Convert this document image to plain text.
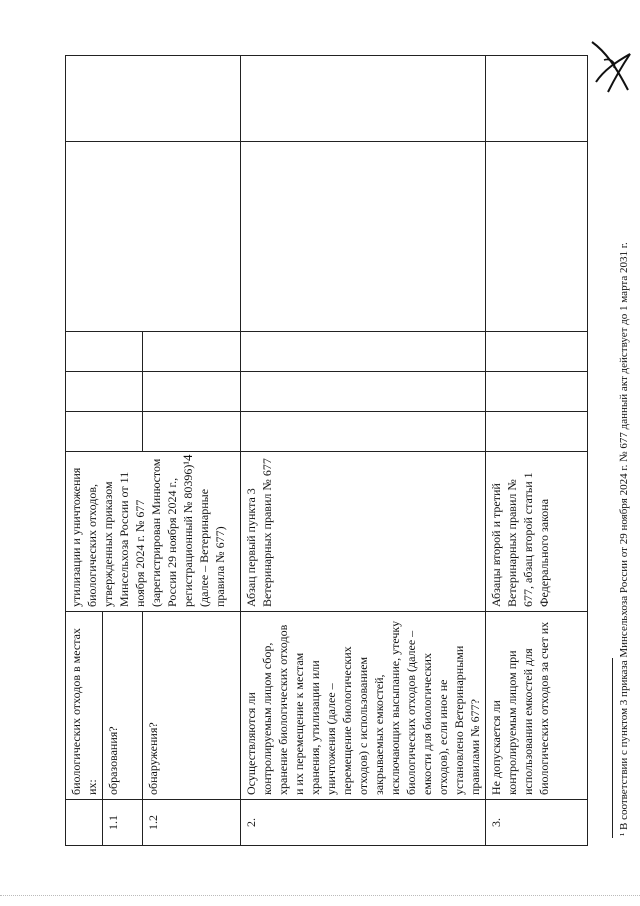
4
	биологических отходов в местах их:	утилизации и уничтожения биологических отходов, утвержденных приказом Минсельхоза России от 11 ноября 2024 г. № 677 (зарегистрирован Минюстом России 29 ноября 2024 г., регистрационный № 80396)¹ (далее – Ветеринарные правила № 677)					

1.1	образования?						
1.2	обнаружения?						
2.	Осуществляются ли контролируемым лицом сбор, хранение биологических отходов и их перемещение к местам хранения, утилизации или уничтожения (далее – перемещение биологических отходов) с использованием закрываемых емкостей, исключающих высыпание, утечку биологических отходов (далее – емкости для биологических отходов), если иное не установлено Ветеринарными правилами № 677?	Абзац первый пункта 3 Ветеринарных правил № 677					
3.	Не допускается ли контролируемым лицом при использовании емкостей для биологических отходов за счет их	Абзацы второй и третий Ветеринарных правил № 677, абзац второй статьи 1 Федерального закона						¹ В соответствии с пунктом 3 приказа Минсельхоза России от 29 ноября 2024 г. № 677 данный акт действует до 1 марта 2031 г.
